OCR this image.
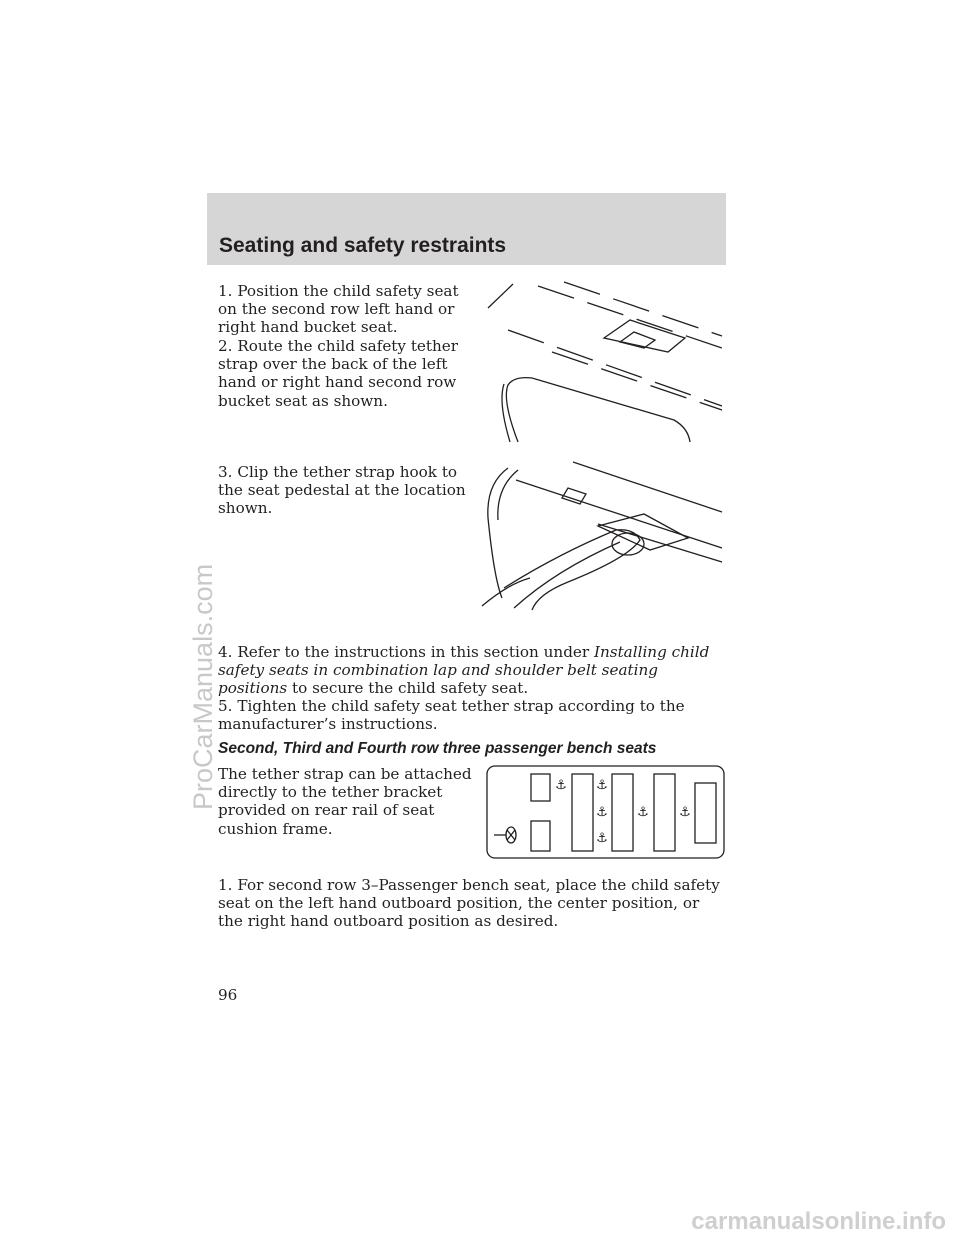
ProCarManuals.com
carmanualsonline.info
Seating and safety restraints

1. Position the child safety seat on the second row left hand or right hand bucket seat.

2. Route the child safety tether strap over the back of the left hand or right hand second row bucket seat as shown.

3. Clip the tether strap hook to the seat pedestal at the location shown.

4. Refer to the instructions in this section under Installing child safety seats in combination lap and shoulder belt seating positions to secure the child safety seat.

5. Tighten the child safety seat tether strap according to the manufacturer’s instructions.

Second, Third and Fourth row three passenger bench seats

The tether strap can be attached directly to the tether bracket provided on rear rail of seat cushion frame.

⚓ ⚓
⚓
⚓
⚓ ⚓

1. For second row 3–Passenger bench seat, place the child safety seat on the left hand outboard position, the center position, or the right hand outboard position as desired.

96
